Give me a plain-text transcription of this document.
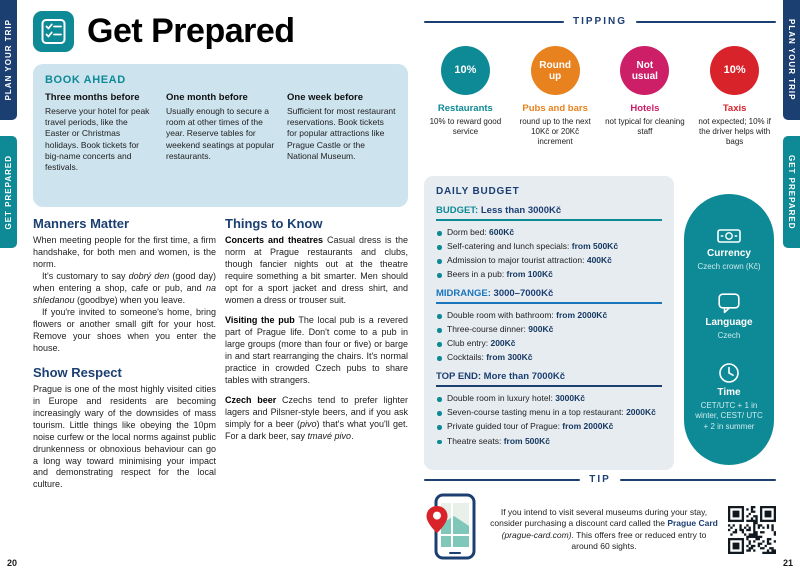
PLAN YOUR TRIP
GET PREPARED
PLAN YOUR TRIP
GET PREPARED
20	21
Get Prepared
BOOK AHEAD
Three months before

Reserve your hotel for peak travel periods, like the Easter or Christmas holidays. Book tickets for big-name concerts and festivals.

One month before

Usually enough to secure a room at other times of the year. Reserve tables for weekend seatings at popular restaurants.

One week before

Sufficient for most restaurant reservations. Book tickets for popular attractions like Prague Castle or the National Museum.

Manners Matter

When meeting people for the first time, a firm handshake, for both men and women, is the norm.

It's customary to say dobrý den (good day) when entering a shop, cafe or pub, and na shledanou (goodbye) when you leave.

If you're invited to someone's home, bring flowers or another small gift for your host. Remove your shoes when you enter the house.

Show Respect

Prague is one of the most highly visited cities in Europe and residents are becoming increasingly wary of the downsides of mass tourism. Little things like obeying the 10pm noise curfew or the local norms against public drunkenness or obnoxious behaviour can go a long way toward minimising your impact and demonstrating respect for the local culture.

Things to Know

Concerts and theatres Casual dress is the norm at Prague restaurants and clubs, though fancier nights out at the theatre require something a bit smarter. Men should opt for a sport jacket and dress shirt, and women a dress or trouser suit.

Visiting the pub The local pub is a revered part of Prague life. Don't come to a pub in large groups (more than four or five) or barge in and start rearranging the chairs. It's normal practice in crowded Czech pubs to share tables with strangers.

Czech beer Czechs tend to prefer lighter lagers and Pilsner-style beers, and if you ask simply for a beer (pivo) that's what you'll get. For a dark beer, say tmavé pivo.

TIPPING
10%
Restaurants
10% to reward good service
Round up
Pubs and bars
round up to the next 10Kč or 20Kč increment
Not usual
Hotels
not typical for cleaning staff
10%
Taxis
not expected; 10% if the driver helps with bags
DAILY BUDGET
BUDGET: Less than 3000Kč
Dorm bed: 600Kč
Self-catering and lunch specials: from 500Kč
Admission to major tourist attraction: 400Kč
Beers in a pub: from 100Kč
MIDRANGE: 3000–7000Kč
Double room with bathroom: from 2000Kč
Three-course dinner: 900Kč
Club entry: 200Kč
Cocktails: from 300Kč
TOP END: More than 7000Kč
Double room in luxury hotel: 3000Kč
Seven-course tasting menu in a top restaurant: 2000Kč
Private guided tour of Prague: from 2000Kč
Theatre seats: from 500Kč
Currency
Czech crown (Kč)
Language
Czech
Time
CET/UTC + 1 in winter, CEST/ UTC + 2 in summer
TIP
If you intend to visit several museums during your stay, consider purchasing a discount card called the Prague Card (prague-card.com). This offers free or reduced entry to around 60 sights.
